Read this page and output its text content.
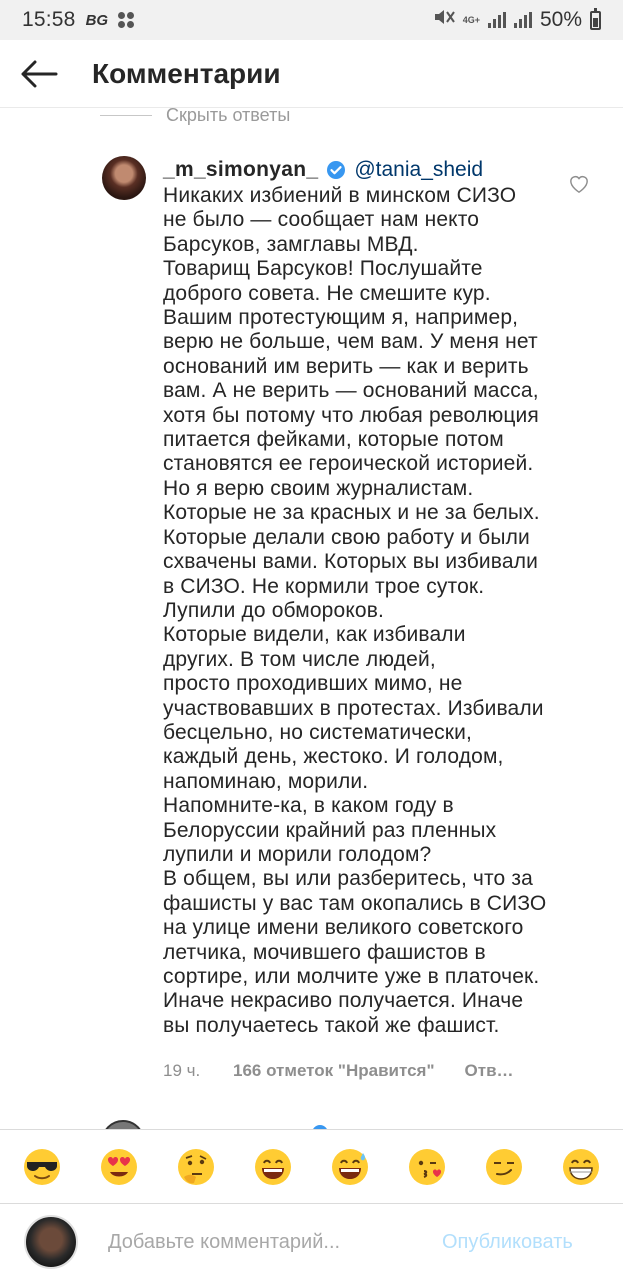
15:58 BG	4G+	50%
Комментарии
Скрыть ответы
_m_simonyan_ @tania_sheid
Никаких избиений в минском СИЗО
не было — сообщает нам некто
Барсуков, замглавы МВД.
Товарищ Барсуков! Послушайте
доброго совета. Не смешите кур.
Вашим протестующим я, например,
верю не больше, чем вам. У меня нет
оснований им верить — как и верить
вам. А не верить — оснований масса,
хотя бы потому что любая революция
питается фейками, которые потом
становятся ее героической историей.
Но я верю своим журналистам.
Которые не за красных и не за белых.
Которые делали свою работу и были
схвачены вами. Которых вы избивали
в СИЗО. Не кормили трое суток.
Лупили до обмороков.
Которые видели, как избивали
других. В том числе людей,
просто проходивших мимо, не
участвовавших в протестах. Избивали
бесцельно, но систематически,
каждый день, жестоко. И голодом,
напоминаю, морили.
Напомните-ка, в каком году в
Белоруссии крайний раз пленных
лупили и морили голодом?
В общем, вы или разберитесь, что за
фашисты у вас там окопались в СИЗО
на улице имени великого советского
летчика, мочившего фашистов в
сортире, или молчите уже в платочек.
Иначе некрасиво получается. Иначе
вы получаетесь такой же фашист.
19 ч.	166 отметок "Нравится" Отв…
Добавьте комментарий...
Опубликовать
